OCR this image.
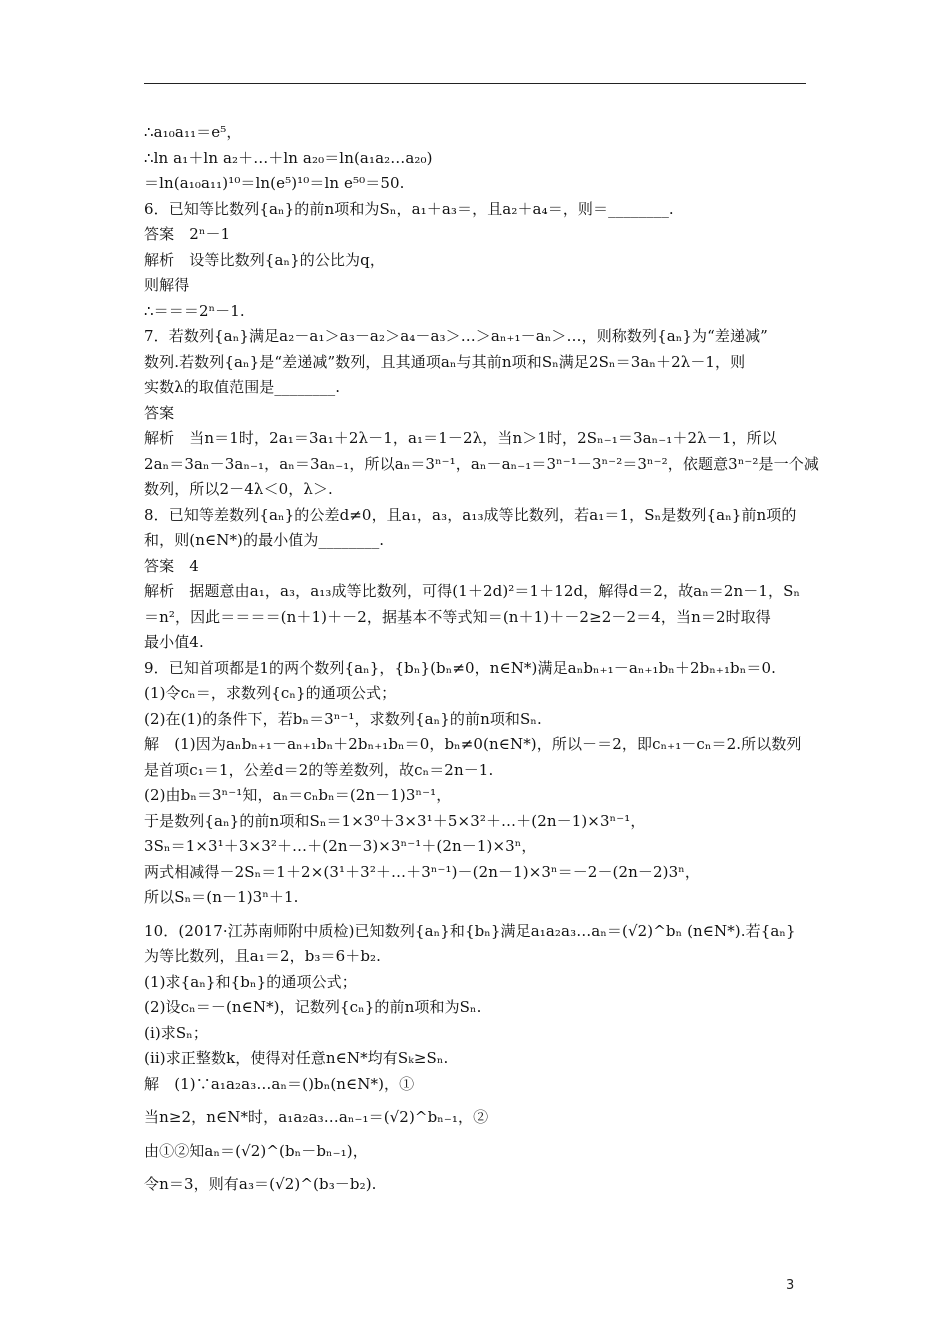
∴a₁₀a₁₁＝e⁵，
∴ln a₁＋ln a₂＋…＋ln a₂₀＝ln(a₁a₂…a₂₀)
＝ln(a₁₀a₁₁)¹⁰＝ln(e⁵)¹⁰＝ln e⁵⁰＝50.
6．已知等比数列{aₙ}的前n项和为Sₙ，a₁＋a₃＝，且a₂＋a₄＝，则＝________.
答案　2ⁿ－1
解析　设等比数列{aₙ}的公比为q，
则解得
∴＝＝＝2ⁿ－1.
7．若数列{aₙ}满足a₂－a₁＞a₃－a₂＞a₄－a₃＞…＞aₙ₊₁－aₙ＞…，则称数列{aₙ}为“差递减”
数列.若数列{aₙ}是“差递减”数列，且其通项aₙ与其前n项和Sₙ满足2Sₙ＝3aₙ＋2λ－1，则
实数λ的取值范围是________.
答案
解析　当n＝1时，2a₁＝3a₁＋2λ－1，a₁＝1－2λ，当n＞1时，2Sₙ₋₁＝3aₙ₋₁＋2λ－1，所以
2aₙ＝3aₙ－3aₙ₋₁，aₙ＝3aₙ₋₁，所以aₙ＝3ⁿ⁻¹，aₙ－aₙ₋₁＝3ⁿ⁻¹－3ⁿ⁻²＝3ⁿ⁻²，依题意3ⁿ⁻²是一个减
数列，所以2－4λ＜0，λ＞.
8．已知等差数列{aₙ}的公差d≠0，且a₁，a₃，a₁₃成等比数列，若a₁＝1，Sₙ是数列{aₙ}前n项的
和，则(n∈N*)的最小值为________.
答案　4
解析　据题意由a₁，a₃，a₁₃成等比数列，可得(1＋2d)²＝1＋12d，解得d＝2，故aₙ＝2n－1，Sₙ
＝n²，因此＝＝＝＝(n＋1)＋－2，据基本不等式知＝(n＋1)＋－2≥2－2＝4，当n＝2时取得
最小值4.
9．已知首项都是1的两个数列{aₙ}，{bₙ}(bₙ≠0，n∈N*)满足aₙbₙ₊₁－aₙ₊₁bₙ＋2bₙ₊₁bₙ＝0.
(1)令cₙ＝，求数列{cₙ}的通项公式；
(2)在(1)的条件下，若bₙ＝3ⁿ⁻¹，求数列{aₙ}的前n项和Sₙ.
解　(1)因为aₙbₙ₊₁－aₙ₊₁bₙ＋2bₙ₊₁bₙ＝0，bₙ≠0(n∈N*)，所以－＝2，即cₙ₊₁－cₙ＝2.所以数列
是首项c₁＝1，公差d＝2的等差数列，故cₙ＝2n－1.
(2)由bₙ＝3ⁿ⁻¹知，aₙ＝cₙbₙ＝(2n－1)3ⁿ⁻¹，
于是数列{aₙ}的前n项和Sₙ＝1×3⁰＋3×3¹＋5×3²＋…＋(2n－1)×3ⁿ⁻¹，
3Sₙ＝1×3¹＋3×3²＋…＋(2n－3)×3ⁿ⁻¹＋(2n－1)×3ⁿ，
两式相减得－2Sₙ＝1＋2×(3¹＋3²＋…＋3ⁿ⁻¹)－(2n－1)×3ⁿ＝－2－(2n－2)3ⁿ，
所以Sₙ＝(n－1)3ⁿ＋1.
10．(2017·江苏南师附中质检)已知数列{aₙ}和{bₙ}满足a₁a₂a₃…aₙ＝(√2)^bₙ (n∈N*).若{aₙ}
为等比数列，且a₁＝2，b₃＝6＋b₂.
(1)求{aₙ}和{bₙ}的通项公式；
(2)设cₙ＝－(n∈N*)，记数列{cₙ}的前n项和为Sₙ.
(i)求Sₙ；
(ii)求正整数k，使得对任意n∈N*均有Sₖ≥Sₙ.
解　(1)∵a₁a₂a₃…aₙ＝()bₙ(n∈N*)，①
当n≥2，n∈N*时，a₁a₂a₃…aₙ₋₁＝(√2)^bₙ₋₁，②
由①②知aₙ＝(√2)^(bₙ－bₙ₋₁)，
令n＝3，则有a₃＝(√2)^(b₃－b₂).
3
